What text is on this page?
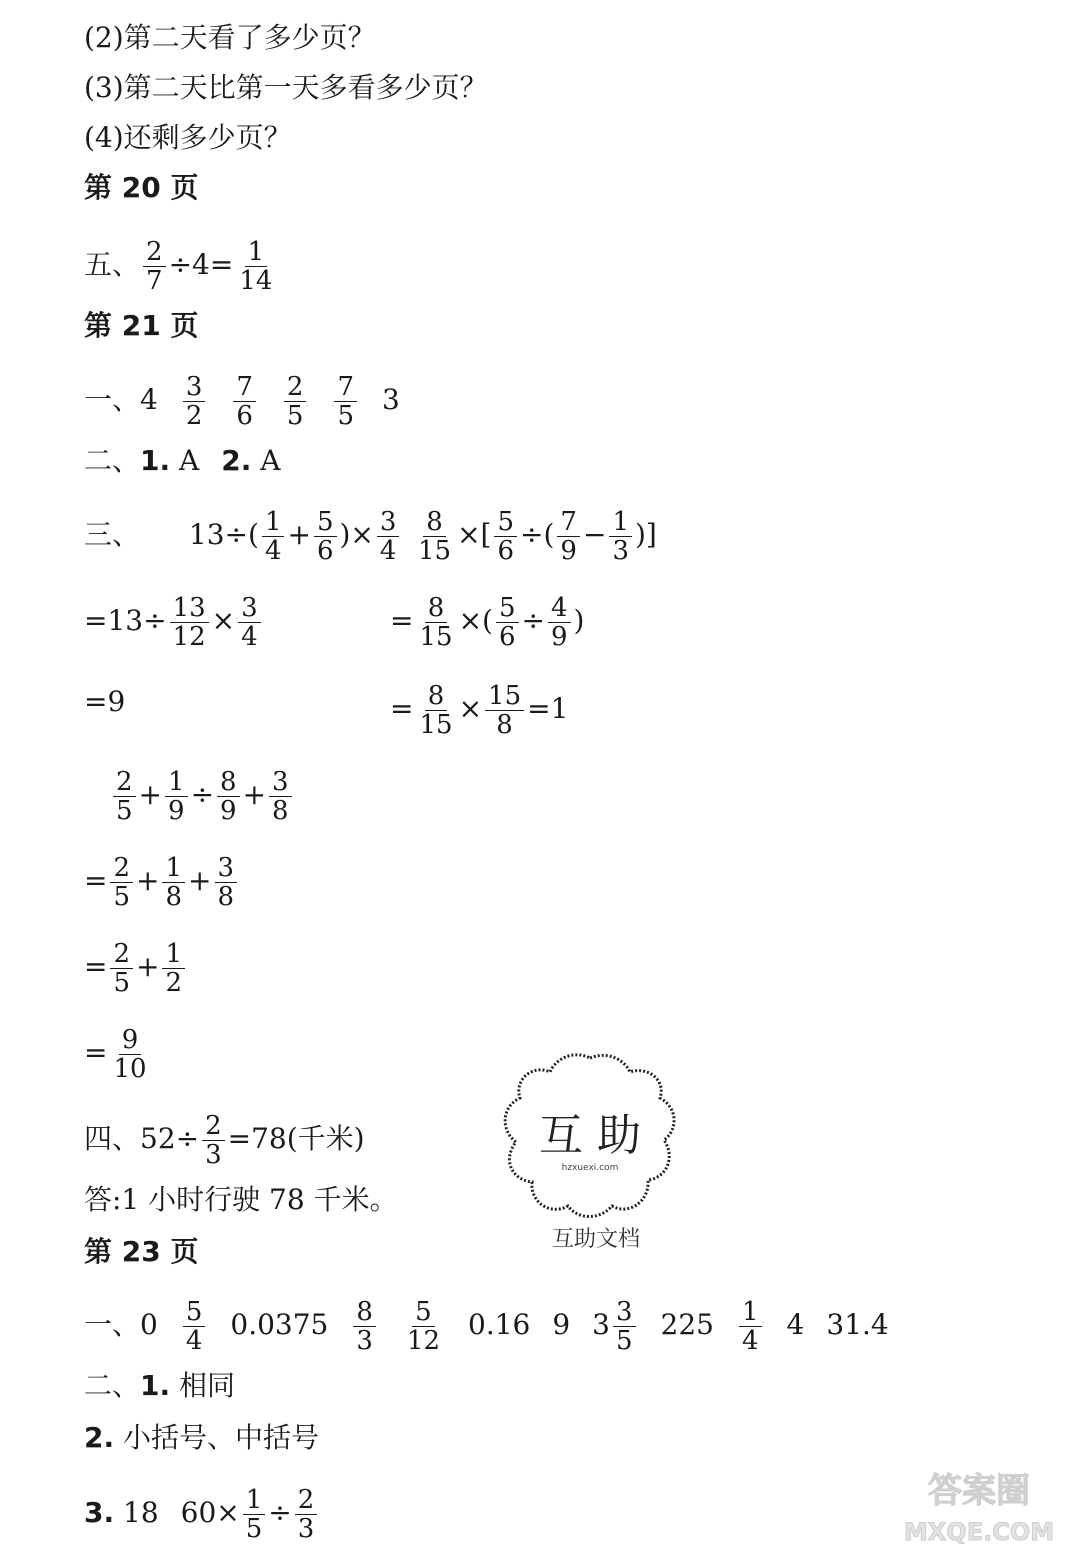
(2)第二天看了多少页？
(3)第二天比第一天多看多少页？
(4)还剩多少页？
第 20 页
五、 $\frac{2}{7} \div 4= \frac{1}{14}$
第 21 页
一、$4 \frac{3}{2} \frac{7}{6} \frac{2}{5} \frac{7}{5} 3$
二、1. A 2. A
三、 $13\div( \frac{1}{4} + \frac{5}{6}$ )× $\frac{3}{4} \frac{8}{15}$ ×[ $\frac{5}{6}$ ÷( $\frac{7}{9} - \frac{1}{3}$ )]
$=13\div \frac{13}{12} \times \frac{3}{4}$	= $\frac{8}{15}$ ×( $\frac{5}{6} \div \frac{4}{9}$ )
=9	= $\frac{8}{15} \times \frac{15}{8} =1$
$\frac{2}{5} + \frac{1}{9} \div \frac{8}{9} + \frac{3}{8}$
= $\frac{2}{5} + \frac{1}{8} + \frac{3}{8}$
= $\frac{2}{5} + \frac{1}{2}$
= $\frac{9}{10}$
四、$52\div \frac{2}{3} =78$(千米)
答:1 小时行驶 78 千米。
互 助
hzxuexi.com
互助文档
第 23 页
一、$0 \frac{5}{4} 0.0375 \frac{8}{3} \frac{5}{12} 0.16$ 9 $3 \frac{3}{5} 225 \frac{1}{4} 4$ 31.4
二、1. 相同
2. 小括号、中括号
3. 18 $60\times \frac{1}{5} \div \frac{2}{3}$	答案圈
MXQE.COM
